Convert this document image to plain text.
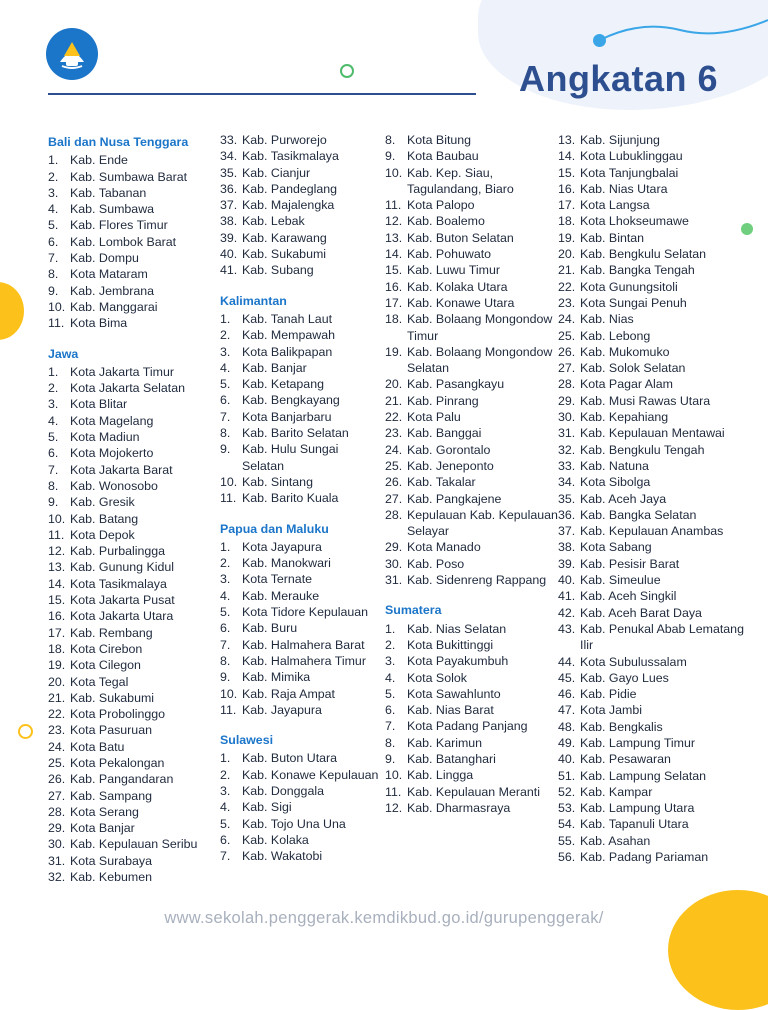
Angkatan 6
Bali dan Nusa Tenggara
1. Kab. Ende
2. Kab. Sumbawa Barat
3. Kab. Tabanan
4. Kab. Sumbawa
5. Kab. Flores Timur
6. Kab. Lombok Barat
7. Kab. Dompu
8. Kota Mataram
9. Kab. Jembrana
10. Kab. Manggarai
11. Kota Bima
Jawa
1. Kota Jakarta Timur
2. Kota Jakarta Selatan
3. Kota Blitar
4. Kota Magelang
5. Kota Madiun
6. Kota Mojokerto
7. Kota Jakarta Barat
8. Kab. Wonosobo
9. Kab. Gresik
10. Kab. Batang
11. Kota Depok
12. Kab. Purbalingga
13. Kab. Gunung Kidul
14. Kota Tasikmalaya
15. Kota Jakarta Pusat
16. Kota Jakarta Utara
17. Kab. Rembang
18. Kota Cirebon
19. Kota Cilegon
20. Kota Tegal
21. Kab. Sukabumi
22. Kota Probolinggo
23. Kota Pasuruan
24. Kota Batu
25. Kota Pekalongan
26. Kab. Pangandaran
27. Kab. Sampang
28. Kota Serang
29. Kota Banjar
30. Kab. Kepulauan Seribu
31. Kota Surabaya
32. Kab. Kebumen
33. Kab. Purworejo
34. Kab. Tasikmalaya
35. Kab. Cianjur
36. Kab. Pandeglang
37. Kab. Majalengka
38. Kab. Lebak
39. Kab. Karawang
40. Kab. Sukabumi
41. Kab. Subang
Kalimantan
1. Kab. Tanah Laut
2. Kab. Mempawah
3. Kota Balikpapan
4. Kab. Banjar
5. Kab. Ketapang
6. Kab. Bengkayang
7. Kota Banjarbaru
8. Kab. Barito Selatan
9. Kab. Hulu Sungai Selatan
10. Kab. Sintang
11. Kab. Barito Kuala
Papua dan Maluku
1. Kota Jayapura
2. Kab. Manokwari
3. Kota Ternate
4. Kab. Merauke
5. Kota Tidore Kepulauan
6. Kab. Buru
7. Kab. Halmahera Barat
8. Kab. Halmahera Timur
9. Kab. Mimika
10. Kab. Raja Ampat
11. Kab. Jayapura
Sulawesi
1. Kab. Buton Utara
2. Kab. Konawe Kepulauan
3. Kab. Donggala
4. Kab. Sigi
5. Kab. Tojo Una Una
6. Kab. Kolaka
7. Kab. Wakatobi
8. Kota Bitung
9. Kota Baubau
10. Kab. Kep. Siau, Tagulandang, Biaro
11. Kota Palopo
12. Kab. Boalemo
13. Kab. Buton Selatan
14. Kab. Pohuwato
15. Kab. Luwu Timur
16. Kab. Kolaka Utara
17. Kab. Konawe Utara
18. Kab. Bolaang Mongondow Timur
19. Kab. Bolaang Mongondow Selatan
20. Kab. Pasangkayu
21. Kab. Pinrang
22. Kota Palu
23. Kab. Banggai
24. Kab. Gorontalo
25. Kab. Jeneponto
26. Kab. Takalar
27. Kab. Pangkajene
28. Kepulauan Kab. Kepulauan Selayar
29. Kota Manado
30. Kab. Poso
31. Kab. Sidenreng Rappang
Sumatera
1. Kab. Nias Selatan
2. Kota Bukittinggi
3. Kota Payakumbuh
4. Kota Solok
5. Kota Sawahlunto
6. Kab. Nias Barat
7. Kota Padang Panjang
8. Kab. Karimun
9. Kab. Batanghari
10. Kab. Lingga
11. Kab. Kepulauan Meranti
12. Kab. Dharmasraya
13. Kab. Sijunjung
14. Kota Lubuklinggau
15. Kota Tanjungbalai
16. Kab. Nias Utara
17. Kota Langsa
18. Kota Lhokseumawe
19. Kab. Bintan
20. Kab. Bengkulu Selatan
21. Kab. Bangka Tengah
22. Kota Gunungsitoli
23. Kota Sungai Penuh
24. Kab. Nias
25. Kab. Lebong
26. Kab. Mukomuko
27. Kab. Solok Selatan
28. Kota Pagar Alam
29. Kab. Musi Rawas Utara
30. Kab. Kepahiang
31. Kab. Kepulauan Mentawai
32. Kab. Bengkulu Tengah
33. Kab. Natuna
34. Kota Sibolga
35. Kab. Aceh Jaya
36. Kab. Bangka Selatan
37. Kab. Kepulauan Anambas
38. Kota Sabang
39. Kab. Pesisir Barat
40. Kab. Simeulue
41. Kab. Aceh Singkil
42. Kab. Aceh Barat Daya
43. Kab. Penukal Abab Lematang Ilir
44. Kota Subulussalam
45. Kab. Gayo Lues
46. Kab. Pidie
47. Kota Jambi
48. Kab. Bengkalis
49. Kab. Lampung Timur
40. Kab. Pesawaran
51. Kab. Lampung Selatan
52. Kab. Kampar
53. Kab. Lampung Utara
54. Kab. Tapanuli Utara
55. Kab. Asahan
56. Kab. Padang Pariaman
www.sekolah.penggerak.kemdikbud.go.id/gurupenggerak/
